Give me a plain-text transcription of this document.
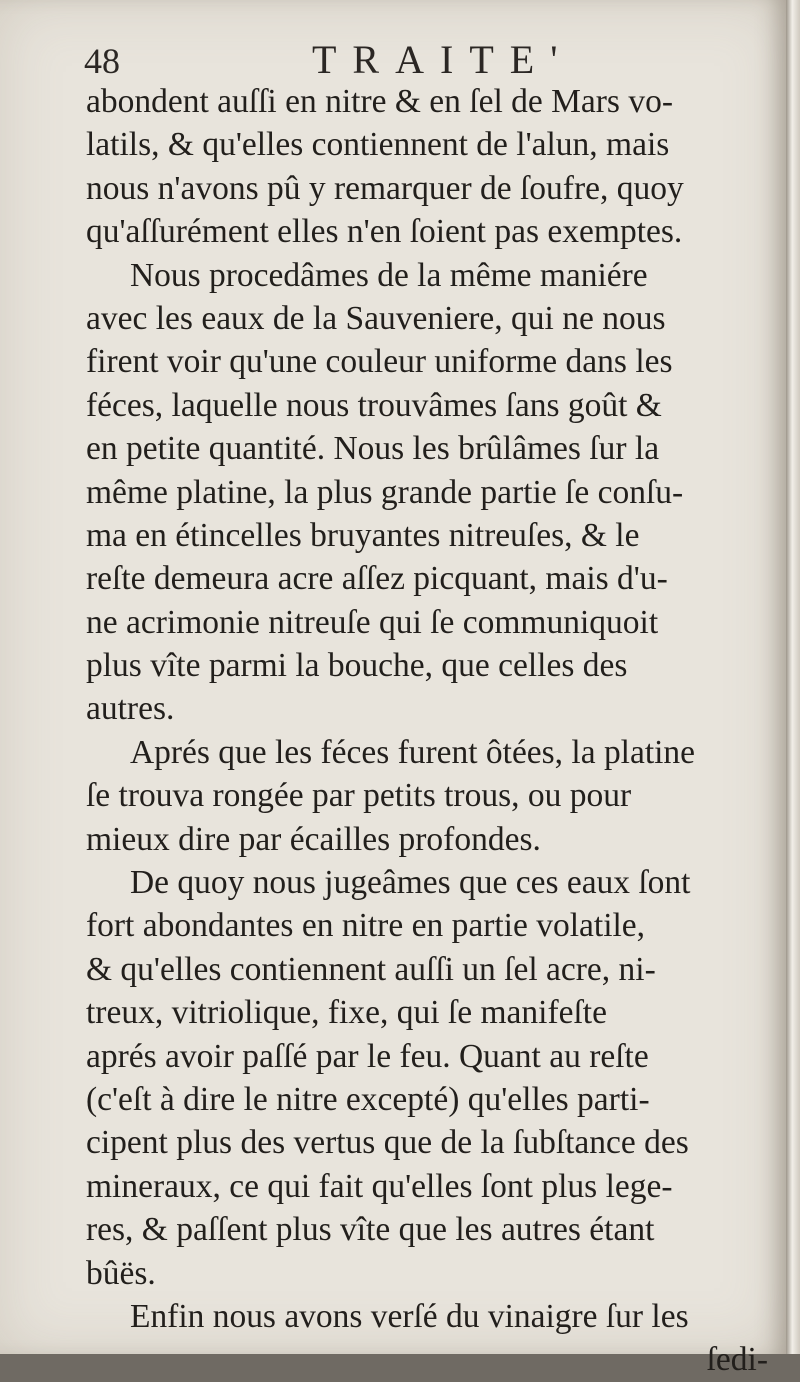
48	TRAITE'
abondent auſſi en nitre & en ſel de Mars vo-
latils, & qu'elles contiennent de l'alun, mais
nous n'avons pû y remarquer de ſoufre, quoy
qu'aſſurément elles n'en ſoient pas exemptes.
Nous procedâmes de la même maniére
avec les eaux de la Sauveniere, qui ne nous
firent voir qu'une couleur uniforme dans les
féces, laquelle nous trouvâmes ſans goût &
en petite quantité. Nous les brûlâmes ſur la
même platine, la plus grande partie ſe conſu-
ma en étincelles bruyantes nitreuſes, & le
reſte demeura acre aſſez picquant, mais d'u-
ne acrimonie nitreuſe qui ſe communiquoit
plus vîte parmi la bouche, que celles des
autres.
Aprés que les féces furent ôtées, la platine
ſe trouva rongée par petits trous, ou pour
mieux dire par écailles profondes.
De quoy nous jugeâmes que ces eaux ſont
fort abondantes en nitre en partie volatile,
& qu'elles contiennent auſſi un ſel acre, ni-
treux, vitriolique, fixe, qui ſe manifeſte
aprés avoir paſſé par le feu. Quant au reſte
(c'eſt à dire le nitre excepté) qu'elles parti-
cipent plus des vertus que de la ſubſtance des
mineraux, ce qui fait qu'elles ſont plus lege-
res, & paſſent plus vîte que les autres étant
bûës.
Enfin nous avons verſé du vinaigre ſur les
ſedi-
